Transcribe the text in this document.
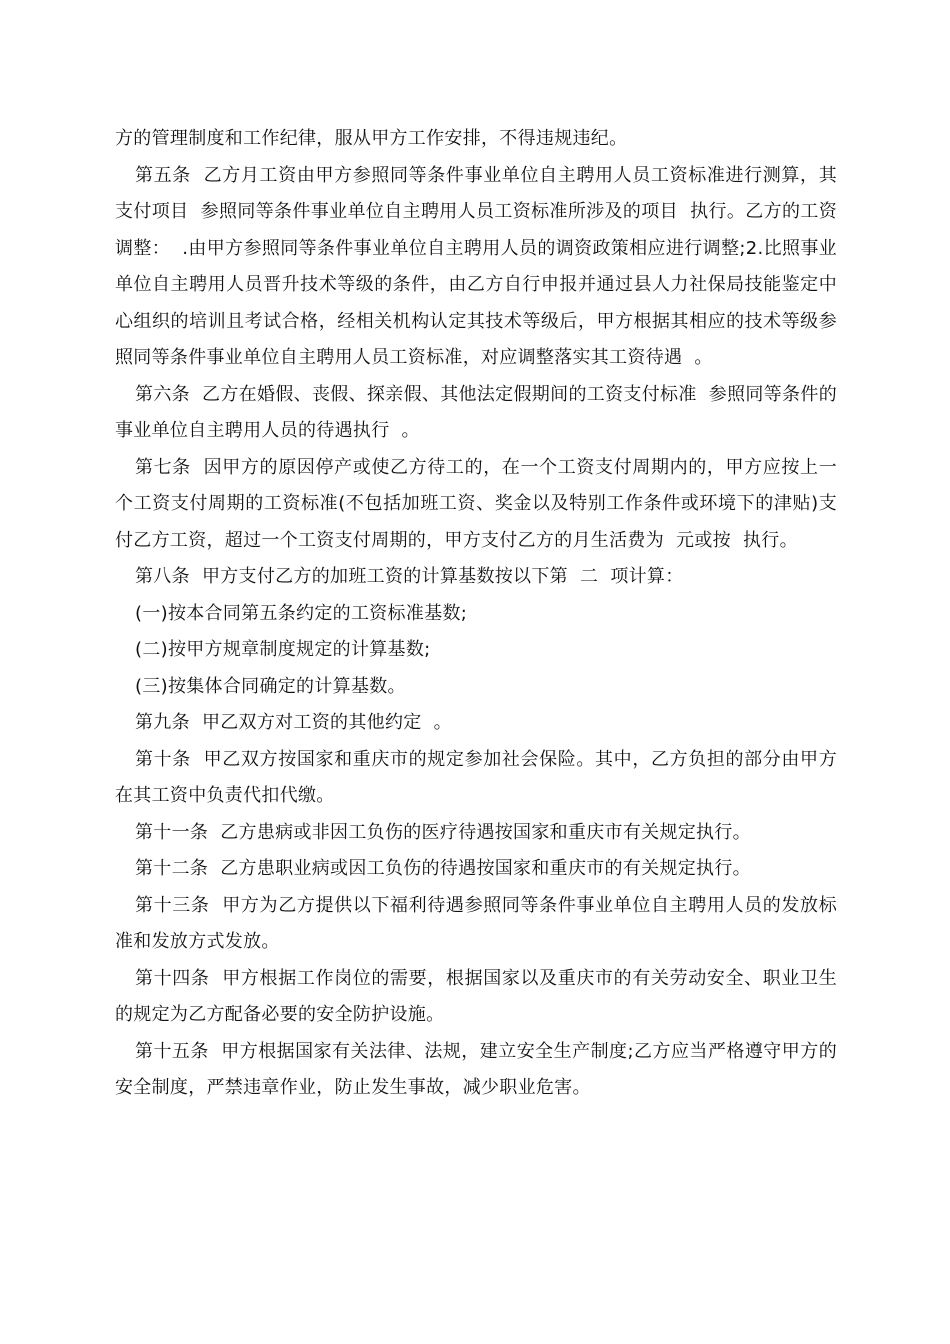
方的管理制度和工作纪律，服从甲方工作安排，不得违规违纪。

第五条  乙方月工资由甲方参照同等条件事业单位自主聘用人员工资标准进行测算，其支付项目  参照同等条件事业单位自主聘用人员工资标准所涉及的项目  执行。乙方的工资调整：  .由甲方参照同等条件事业单位自主聘用人员的调资政策相应进行调整;2.比照事业单位自主聘用人员晋升技术等级的条件，由乙方自行申报并通过县人力社保局技能鉴定中心组织的培训且考试合格，经相关机构认定其技术等级后，甲方根据其相应的技术等级参照同等条件事业单位自主聘用人员工资标准，对应调整落实其工资待遇  。

第六条  乙方在婚假、丧假、探亲假、其他法定假期间的工资支付标准  参照同等条件的事业单位自主聘用人员的待遇执行  。

第七条  因甲方的原因停产或使乙方待工的，在一个工资支付周期内的，甲方应按上一个工资支付周期的工资标准(不包括加班工资、奖金以及特别工作条件或环境下的津贴)支付乙方工资，超过一个工资支付周期的，甲方支付乙方的月生活费为  元或按  执行。

第八条  甲方支付乙方的加班工资的计算基数按以下第  二  项计算：

(一)按本合同第五条约定的工资标准基数;

(二)按甲方规章制度规定的计算基数;

(三)按集体合同确定的计算基数。

第九条  甲乙双方对工资的其他约定  。

第十条  甲乙双方按国家和重庆市的规定参加社会保险。其中，乙方负担的部分由甲方在其工资中负责代扣代缴。

第十一条  乙方患病或非因工负伤的医疗待遇按国家和重庆市有关规定执行。

第十二条  乙方患职业病或因工负伤的待遇按国家和重庆市的有关规定执行。

第十三条  甲方为乙方提供以下福利待遇参照同等条件事业单位自主聘用人员的发放标准和发放方式发放。

第十四条  甲方根据工作岗位的需要，根据国家以及重庆市的有关劳动安全、职业卫生的规定为乙方配备必要的安全防护设施。

第十五条  甲方根据国家有关法律、法规，建立安全生产制度;乙方应当严格遵守甲方的安全制度，严禁违章作业，防止发生事故，减少职业危害。
